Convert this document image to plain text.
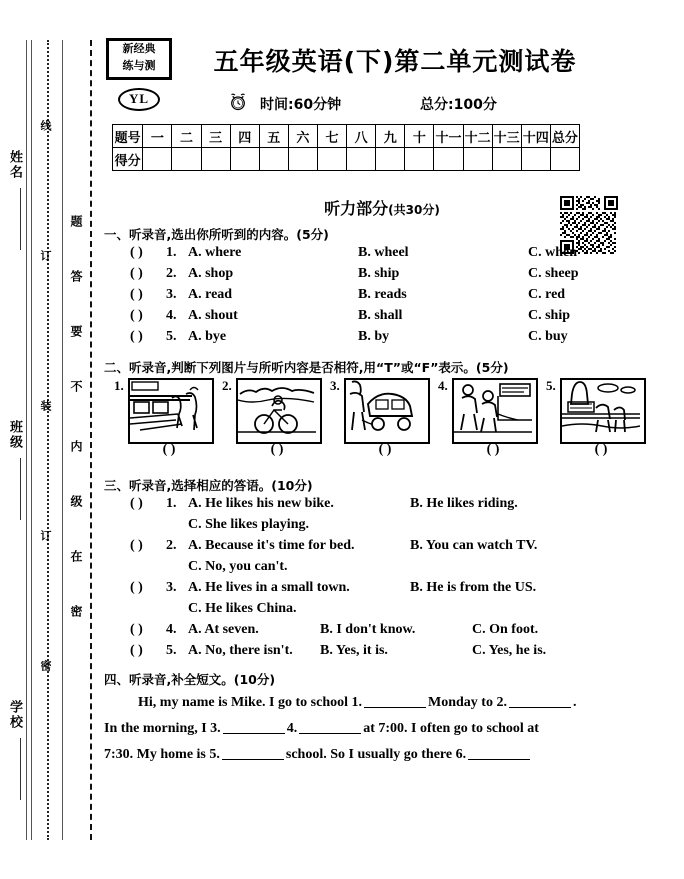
姓名
班级
学校
线
订
装
订
密
题
答
要
不
内
级
在
密
新经典
练与测
YL
五年级英语(下)第二单元测试卷
时间:60分钟	总分:100分
题号	一	二	三	四	五	六	七	八	九	十	十一	十二	十三	十四	总分
得分															
听力部分(共30分)
一、听录音,选出你所听到的内容。(5分)
( ) 1. A. where	B. wheel	C. when
( ) 2. A. shop	B. ship	C. sheep
( ) 3. A. read	B. reads	C. red
( ) 4. A. shout	B. shall	C. ship
( ) 5. A. bye	B. by	C. buy
二、听录音,判断下列图片与所听内容是否相符,用“T”或“F”表示。(5分)
1.
( )
2.
( )
3.
( )
4.
( )
5.
( )
三、听录音,选择相应的答语。(10分)
( ) 1. A. He likes his new bike.	B. He likes riding.
C. She likes playing.
( ) 2. A. Because it's time for bed.	B. You can watch TV.
C. No, you can't.
( ) 3. A. He lives in a small town.	B. He is from the US.
C. He likes China.
( ) 4. A. At seven.	B. I don't know.	C. On foot.
( ) 5. A. No, there isn't. B. Yes, it is.	C. Yes, he is.
四、听录音,补全短文。(10分)
Hi, my name is Mike. I go to school 1.	Monday to 2.	.
In the morning, I 3.	4.	at 7:00. I often go to school at
7:30. My home is 5.	school. So I usually go there 6.
